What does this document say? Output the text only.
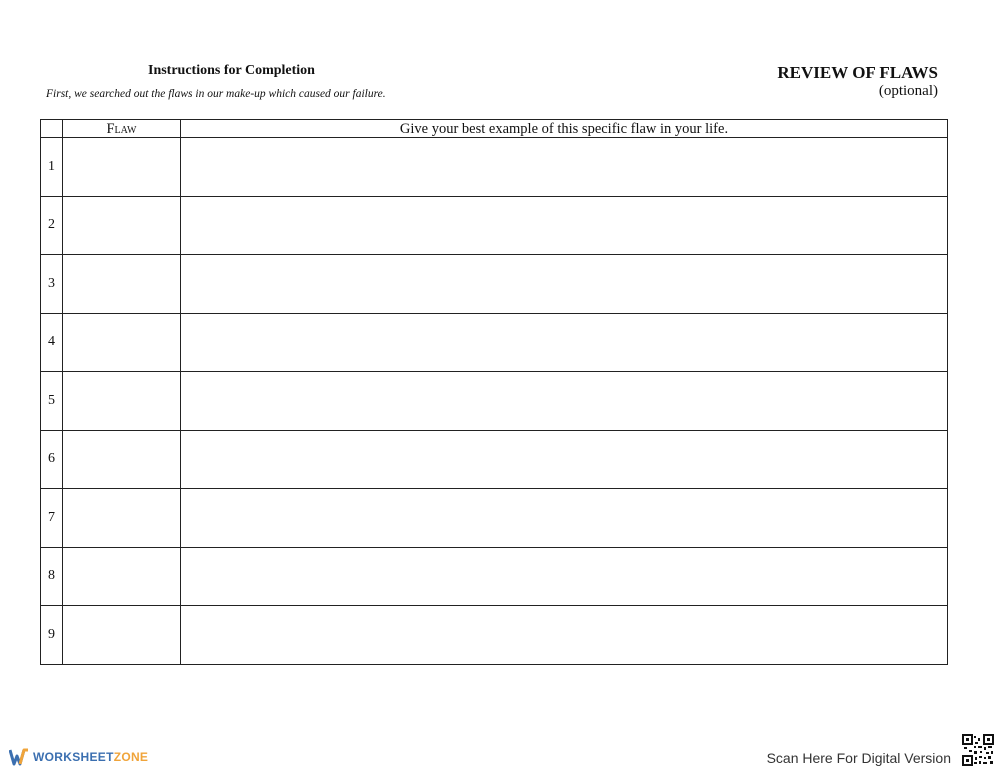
Instructions for Completion
First, we searched out the flaws in our make-up which caused our failure.
REVIEW OF FLAWS
(optional)
	Flaw	Give your best example of this specific flaw in your life.
1		
2		
3		
4		
5		
6		
7		
8		
9		
WORKSHEET ZONE	Scan Here For Digital Version
